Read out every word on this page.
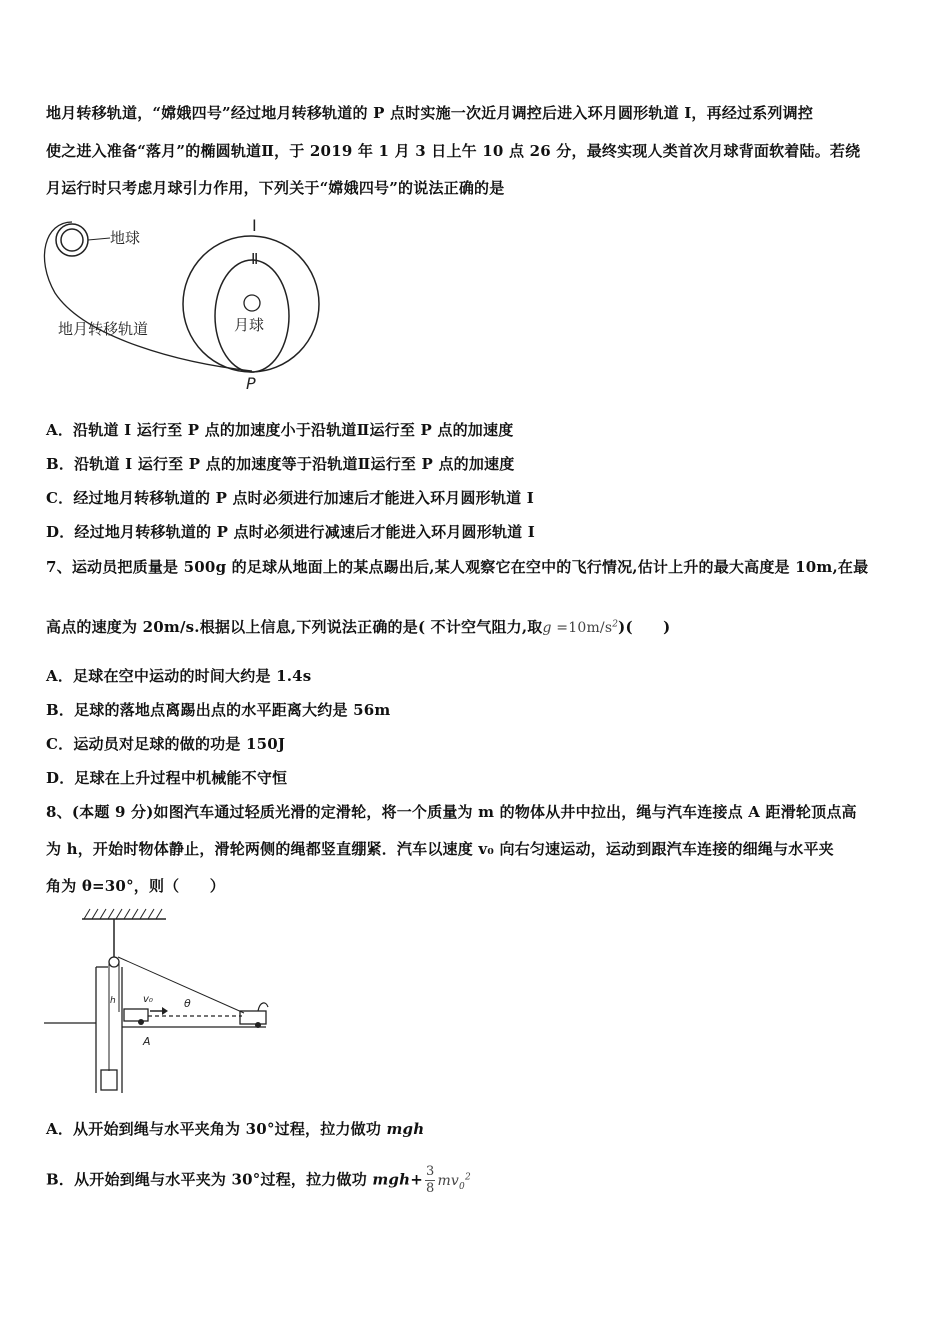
地月转移轨道，“嫦娥四号”经过地月转移轨道的 P 点时实施一次近月调控后进入环月圆形轨道 I，再经过系列调控
使之进入准备“落月”的椭圆轨道Ⅱ，于 2019 年 1 月 3 日上午 10 点 26 分，最终实现人类首次月球背面软着陆。若绕
月运行时只考虑月球引力作用，下列关于“嫦娥四号”的说法正确的是
地球
地月转移轨道
I
Ⅱ
月球
P
A．沿轨道 I 运行至 P 点的加速度小于沿轨道Ⅱ运行至 P 点的加速度
B．沿轨道 I 运行至 P 点的加速度等于沿轨道Ⅱ运行至 P 点的加速度
C．经过地月转移轨道的 P 点时必须进行加速后才能进入环月圆形轨道 I
D．经过地月转移轨道的 P 点时必须进行减速后才能进入环月圆形轨道 I
7、运动员把质量是 500g 的足球从地面上的某点踢出后,某人观察它在空中的飞行情况,估计上升的最大高度是 10m,在最
高点的速度为 20m/s.根据以上信息,下列说法正确的是( 不计空气阻力,取$g =10m/s^2$)(　　)
A．足球在空中运动的时间大约是 1.4s
B．足球的落地点离踢出点的水平距离大约是 56m
C．运动员对足球的做的功是 150J
D．足球在上升过程中机械能不守恒
8、(本题 9 分)如图汽车通过轻质光滑的定滑轮，将一个质量为 m 的物体从井中拉出，绳与汽车连接点 A 距滑轮顶点高
为 h，开始时物体静止，滑轮两侧的绳都竖直绷紧．汽车以速度 v₀ 向右匀速运动，运动到跟汽车连接的细绳与水平夹
角为 θ=30°，则（　　）
h	v₀	θ
A
A．从开始到绳与水平夹角为 30°过程，拉力做功 mgh
B．从开始到绳与水平夹为 30°过程，拉力做功 $mgh+ \frac{3}{8} mv_0^2$
